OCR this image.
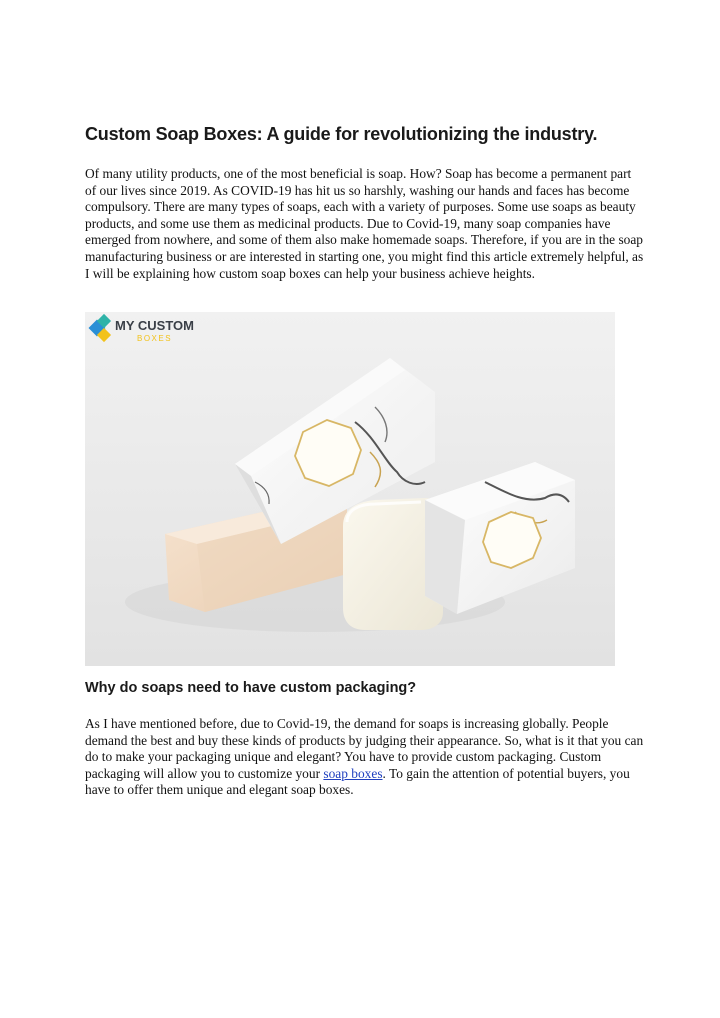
Custom Soap Boxes: A guide for revolutionizing the industry.

Of many utility products, one of the most beneficial is soap. How? Soap has become a permanent part of our lives since 2019. As COVID-19 has hit us so harshly, washing our hands and faces has become compulsory. There are many types of soaps, each with a variety of purposes. Some use soaps as beauty products, and some use them as medicinal products. Due to Covid-19, many soap companies have emerged from nowhere, and some of them also make homemade soaps. Therefore, if you are in the soap manufacturing business or are interested in starting one, you might find this article extremely helpful, as I will be explaining how custom soap boxes can help your business achieve heights.

MY CUSTOM
BOXES
Why do soaps need to have custom packaging?

As I have mentioned before, due to Covid-19, the demand for soaps is increasing globally. People demand the best and buy these kinds of products by judging their appearance. So, what is it that you can do to make your packaging unique and elegant? You have to provide custom packaging. Custom packaging will allow you to customize your soap boxes. To gain the attention of potential buyers, you have to offer them unique and elegant soap boxes.
